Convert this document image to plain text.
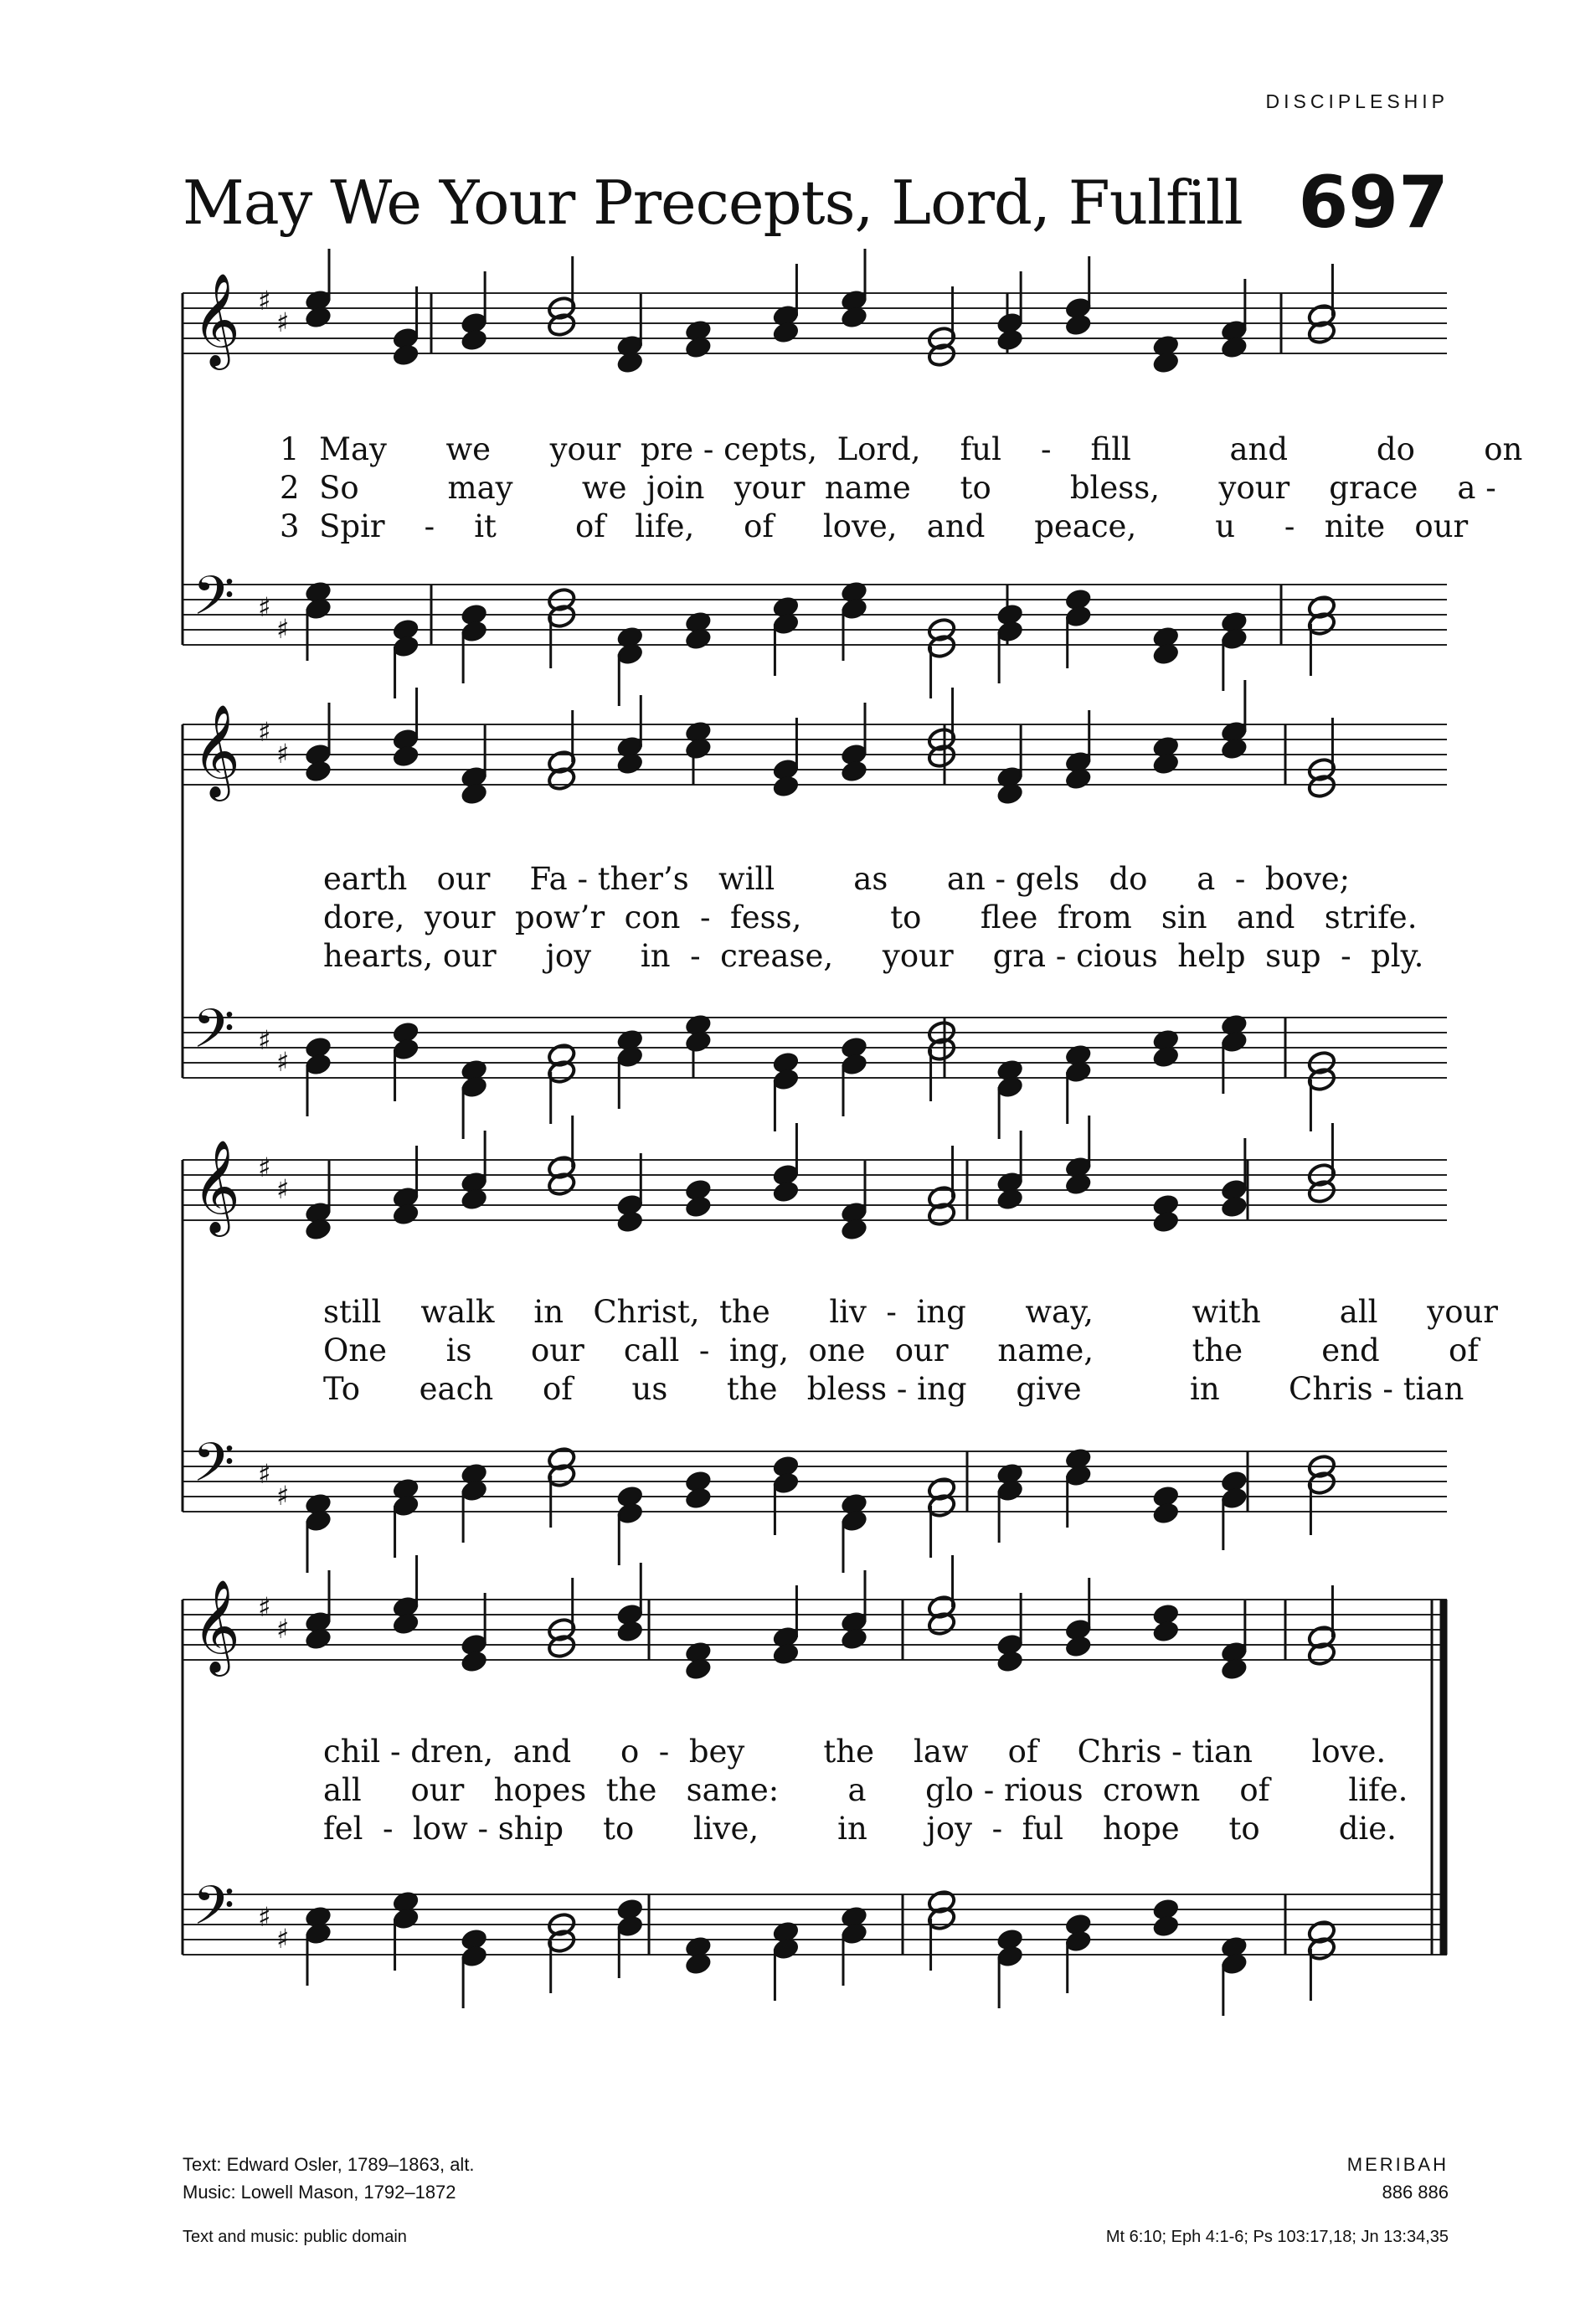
DISCIPLESHIP
May We Your Precepts, Lord, Fulfill 697
𝄞 ♯
♯
𝄢 ♯
♯
𝄞 ♯
♯
𝄢 ♯
♯
𝄞 ♯
♯
𝄢 ♯
♯
𝄞 ♯
♯
𝄢 ♯
♯
1  May      we      your  pre - cepts,  Lord,    ful    -    fill          and         do       on
2  So         may       we  join   your  name     to        bless,      your    grace    a -
3  Spir    -    it        of   life,     of     love,   and     peace,        u     -   nite   our
earth   our    Fa - ther’s   will        as      an - gels   do     a  -  bove;
dore,  your  pow’r  con  -  fess,         to      flee  from   sin   and   strife.
hearts, our     joy     in  -  crease,     your    gra - cious  help  sup  -  ply.
still    walk    in   Christ,  the      liv  -  ing      way,          with        all     your
One      is      our    call  -  ing,  one   our     name,          the        end       of
To      each     of      us      the   bless - ing     give           in       Chris - tian
chil - dren,  and     o  -  bey        the    law    of    Chris - tian      love.
all     our   hopes  the   same:       a      glo - rious  crown    of        life.
fel  -  low - ship    to      live,        in      joy  -  ful    hope     to        die.
Text: Edward Osler, 1789–1863, alt.
Music: Lowell Mason, 1792–1872
MERIBAH
886 886
Text and music: public domain	Mt 6:10; Eph 4:1-6; Ps 103:17,18; Jn 13:34,35
